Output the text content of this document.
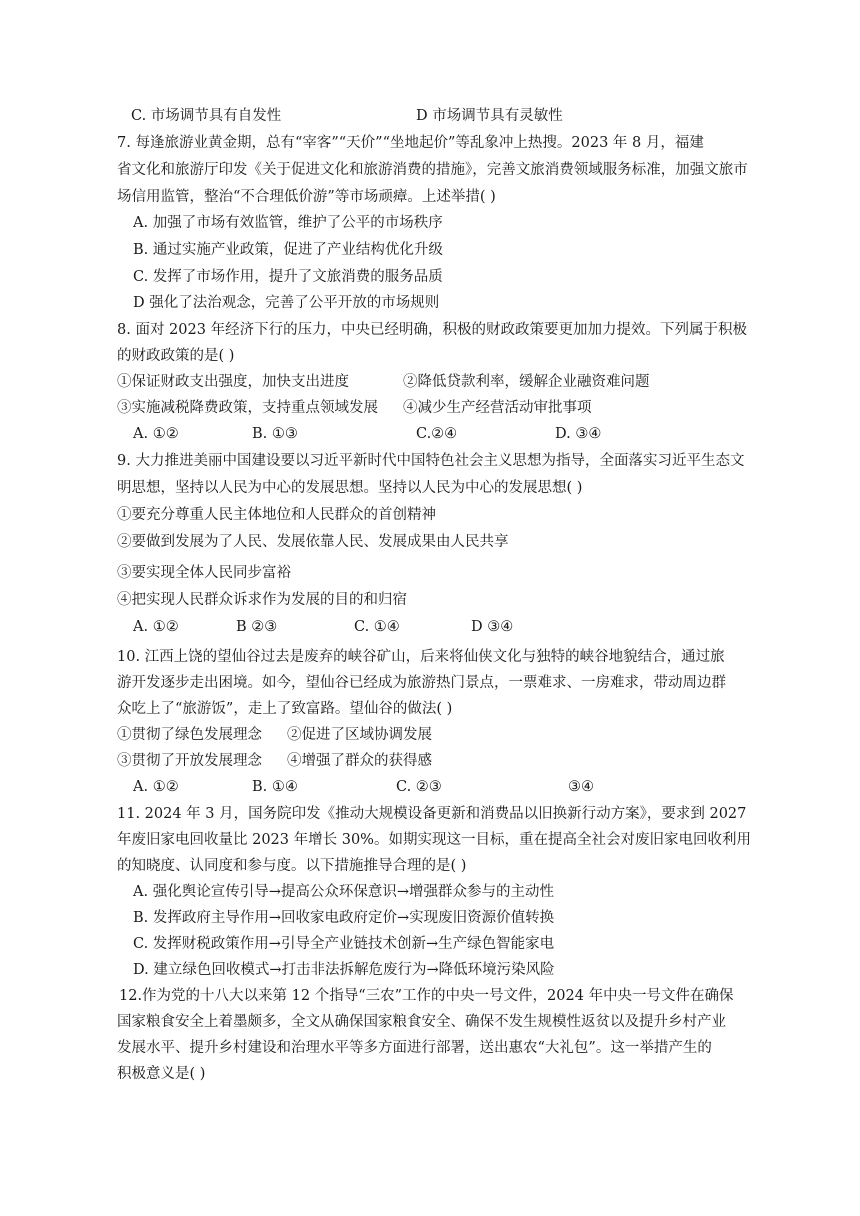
C. 市场调节具有自发性	D 市场调节具有灵敏性
7. 每逢旅游业黄金期，总有“宰客”“天价”“坐地起价”等乱象冲上热搜。2023 年 8 月，福建
省文化和旅游厅印发《关于促进文化和旅游消费的措施》，完善文旅消费领域服务标准，加强文旅市
场信用监管，整治“不合理低价游”等市场顽瘴。上述举措( )
A. 加强了市场有效监管，维护了公平的市场秩序
B. 通过实施产业政策，促进了产业结构优化升级
C. 发挥了市场作用，提升了文旅消费的服务品质
D 强化了法治观念，完善了公平开放的市场规则
8. 面对 2023 年经济下行的压力，中央已经明确，积极的财政政策要更加加力提效。下列属于积极
的财政政策的是( )
①保证财政支出强度，加快支出进度	②降低贷款利率，缓解企业融资难问题
③实施减税降费政策，支持重点领域发展 ④减少生产经营活动审批事项
A. ①②	B. ①③	C.②④	D. ③④
9. 大力推进美丽中国建设要以习近平新时代中国特色社会主义思想为指导，全面落实习近平生态文
明思想，坚持以人民为中心的发展思想。坚持以人民为中心的发展思想( )
①要充分尊重人民主体地位和人民群众的首创精神
②要做到发展为了人民、发展依靠人民、发展成果由人民共享
③要实现全体人民同步富裕
④把实现人民群众诉求作为发展的目的和归宿
A. ①②	B ②③	C. ①④	D ③④
10. 江西上饶的望仙谷过去是废弃的峡谷矿山，后来将仙侠文化与独特的峡谷地貌结合，通过旅
游开发逐步走出困境。如今，望仙谷已经成为旅游热门景点，一票难求、一房难求，带动周边群
众吃上了“旅游饭”，走上了致富路。望仙谷的做法( )
①贯彻了绿色发展理念 ②促进了区域协调发展
③贯彻了开放发展理念 ④增强了群众的获得感
A. ①②	B. ①④	C. ②③	③④
11. 2024 年 3 月，国务院印发《推动大规模设备更新和消费品以旧换新行动方案》，要求到 2027
年废旧家电回收量比 2023 年增长 30%。如期实现这一目标，重在提高全社会对废旧家电回收利用
的知晓度、认同度和参与度。以下措施推导合理的是( )
A. 强化舆论宣传引导→提高公众环保意识→增强群众参与的主动性
B. 发挥政府主导作用→回收家电政府定价→实现废旧资源价值转换
C. 发挥财税政策作用→引导全产业链技术创新→生产绿色智能家电
D. 建立绿色回收模式→打击非法拆解危废行为→降低环境污染风险
12.作为党的十八大以来第 12 个指导“三农”工作的中央一号文件，2024 年中央一号文件在确保
国家粮食安全上着墨颇多，全文从确保国家粮食安全、确保不发生规模性返贫以及提升乡村产业
发展水平、提升乡村建设和治理水平等多方面进行部署，送出惠农“大礼包”。这一举措产生的
积极意义是( )
